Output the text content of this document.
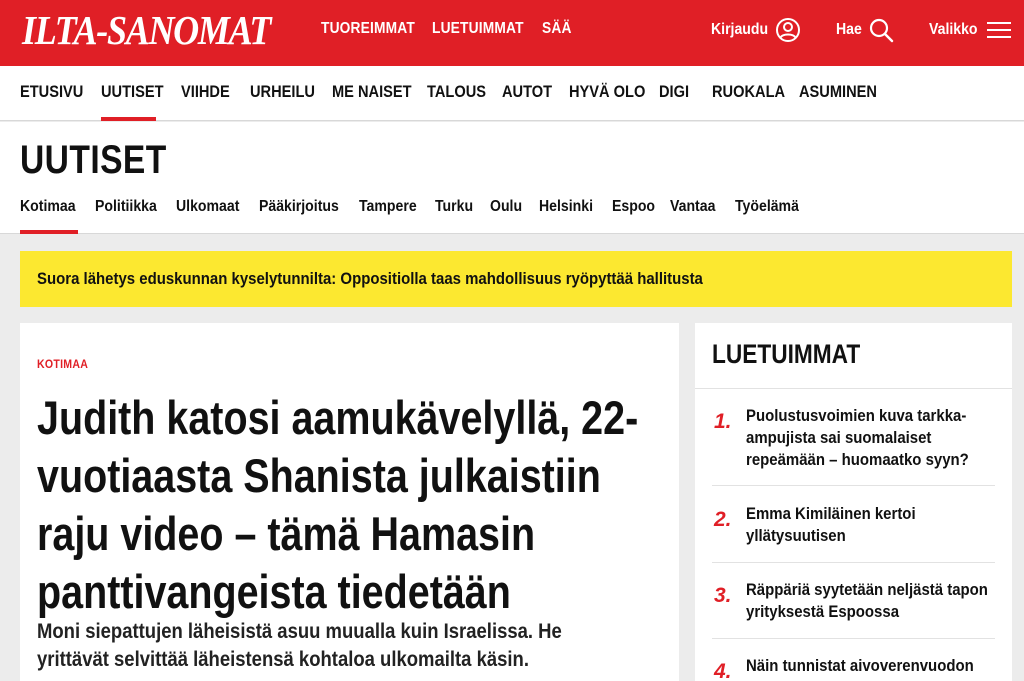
ILTA-SANOMAT	TUOREIMMAT LUETUIMMAT SÄÄ	Kirjaudu	Hae	Valikko
ETUSIVU UUTISET VIIHDE URHEILU ME NAISET TALOUS AUTOT HYVÄ OLO DIGI RUOKALA ASUMINEN
UUTISET
Kotimaa Politiikka Ulkomaat Pääkirjoitus Tampere Turku Oulu Helsinki Espoo Vantaa Työelämä
Suora lähetys eduskunnan kyselytunnilta: Oppositiolla taas mahdollisuus ryöpyttää hallitusta
KOTIMAA
Judith katosi aamukävelyllä, 22-vuotiaasta Shanista julkaistiin raju video – tämä Hamasin panttivangeista tiedetään

Moni siepattujen läheisistä asuu muualla kuin Israelissa. He yrittävät selvittää läheistensä kohtaloa ulkomailta käsin.

LUETUIMMAT
1. Puolustusvoimien kuva tarkka-ampujista sai suomalaiset repeämään – huomaatko syyn?
2. Emma Kimiläinen kertoi yllätysuutisen
3. Räppäriä syytetään neljästä tapon yrityksestä Espoossa
4. Näin tunnistat aivoverenvuodon
